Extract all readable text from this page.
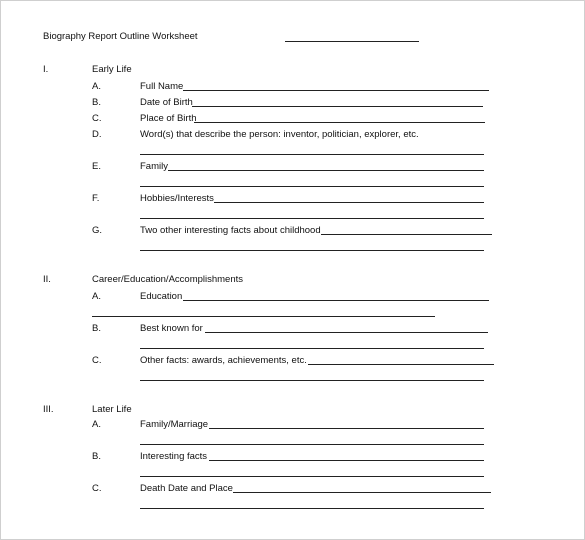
Biography Report Outline Worksheet
I.	Early Life
A.	Full Name
B.	Date of Birth
C.	Place of Birth
D.	Word(s) that describe the person: inventor, politician, explorer, etc.
E.	Family
F.	Hobbies/Interests
G.	Two other interesting facts about childhood
II.	Career/Education/Accomplishments
A.	Education
B.	Best known for
C.	Other facts: awards, achievements, etc.
III.	Later Life
A.	Family/Marriage
B.	Interesting facts
C.	Death Date and Place
